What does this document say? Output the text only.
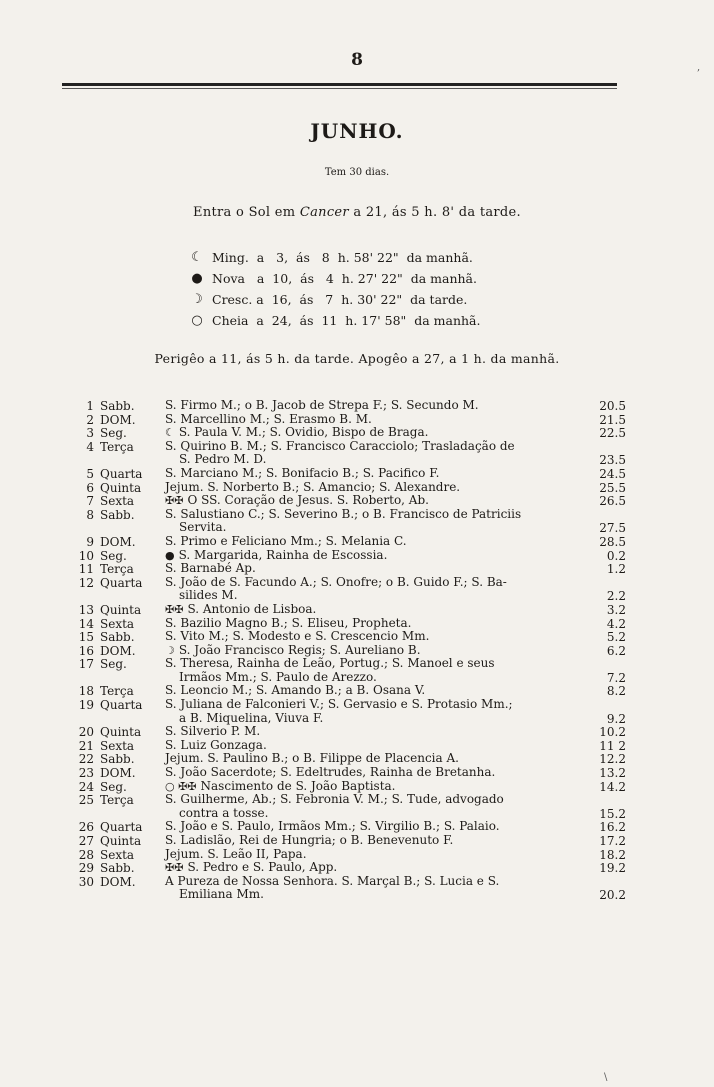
8
JUNHO.
Tem 30 dias.
Entra o Sol em Cancer a 21, ás 5 h. 8' da tarde.
☾ Ming.  a   3,  ás   8  h. 58' 22"  da manhã.
● Nova   a  10,  ás   4  h. 27' 22"  da manhã.
☽ Cresc. a  16,  ás   7  h. 30' 22"  da tarde.
○ Cheia  a  24,  ás  11  h. 17' 58"  da manhã.
Perigêo a 11, ás 5 h. da tarde. Apogêo a 27, a 1 h. da manhã.
1 Sabb.	S. Firmo M.; o B. Jacob de Strepa F.; S. Secundo M.	20.5
2 DOM. S. Marcellino M.; S. Erasmo B. M.	21.5
3 Seg.	☾ S. Paula V. M.; S. Ovidio, Bispo de Braga.	22.5
4 Terça	S. Quirino B. M.; S. Francisco Caracciolo; Trasladação de
S. Pedro M. D.	23.5
5 Quarta S. Marciano M.; S. Bonifacio B.; S. Pacifico F.	24.5
6 Quinta Jejum. S. Norberto B.; S. Amancio; S. Alexandre.	25.5
7 Sexta	✠✠ O SS. Coração de Jesus. S. Roberto, Ab.	26.5
8 Sabb.	S. Salustiano C.; S. Severino B.; o B. Francisco de Patriciis
Servita.	27.5
9 DOM. S. Primo e Feliciano Mm.; S. Melania C.	28.5
10 Seg.	● S. Margarida, Rainha de Escossia.	0.2
11 Terça	S. Barnabé Ap.	1.2
12 Quarta S. João de S. Facundo A.; S. Onofre; o B. Guido F.; S. Ba-
silides M.	2.2
13 Quinta ✠✠ S. Antonio de Lisboa.	3.2
14 Sexta	S. Bazilio Magno B.; S. Eliseu, Propheta.	4.2
15 Sabb.	S. Vito M.; S. Modesto e S. Crescencio Mm.	5.2
16 DOM.	☽ S. João Francisco Regis; S. Aureliano B.	6.2
17 Seg.	S. Theresa, Rainha de Leão, Portug.; S. Manoel e seus
Irmãos Mm.; S. Paulo de Arezzo.	7.2
18 Terça	S. Leoncio M.; S. Amando B.; a B. Osana V.	8.2
19 Quarta S. Juliana de Falconieri V.; S. Gervasio e S. Protasio Mm.;
a B. Miquelina, Viuva F.	9.2
20 Quinta S. Silverio P. M.	10.2
21 Sexta	S. Luiz Gonzaga.	11 2
22 Sabb.	Jejum. S. Paulino B.; o B. Filippe de Placencia A.	12.2
23 DOM. S. João Sacerdote; S. Edeltrudes, Rainha de Bretanha.	13.2
24 Seg.	○ ✠✠ Nascimento de S. João Baptista.	14.2
25 Terça	S. Guilherme, Ab.; S. Febronia V. M.; S. Tude, advogado
contra a tosse.	15.2
26 Quarta S. João e S. Paulo, Irmãos Mm.; S. Virgilio B.; S. Palaio.	16.2
27 Quinta S. Ladislão, Rei de Hungria; o B. Benevenuto F.	17.2
28 Sexta	Jejum. S. Leão II, Papa.	18.2
29 Sabb.	✠✠ S. Pedro e S. Paulo, App.	19.2
30 DOM. A Pureza de Nossa Senhora. S. Marçal B.; S. Lucia e S.
Emiliana Mm.	20.2
,
\
